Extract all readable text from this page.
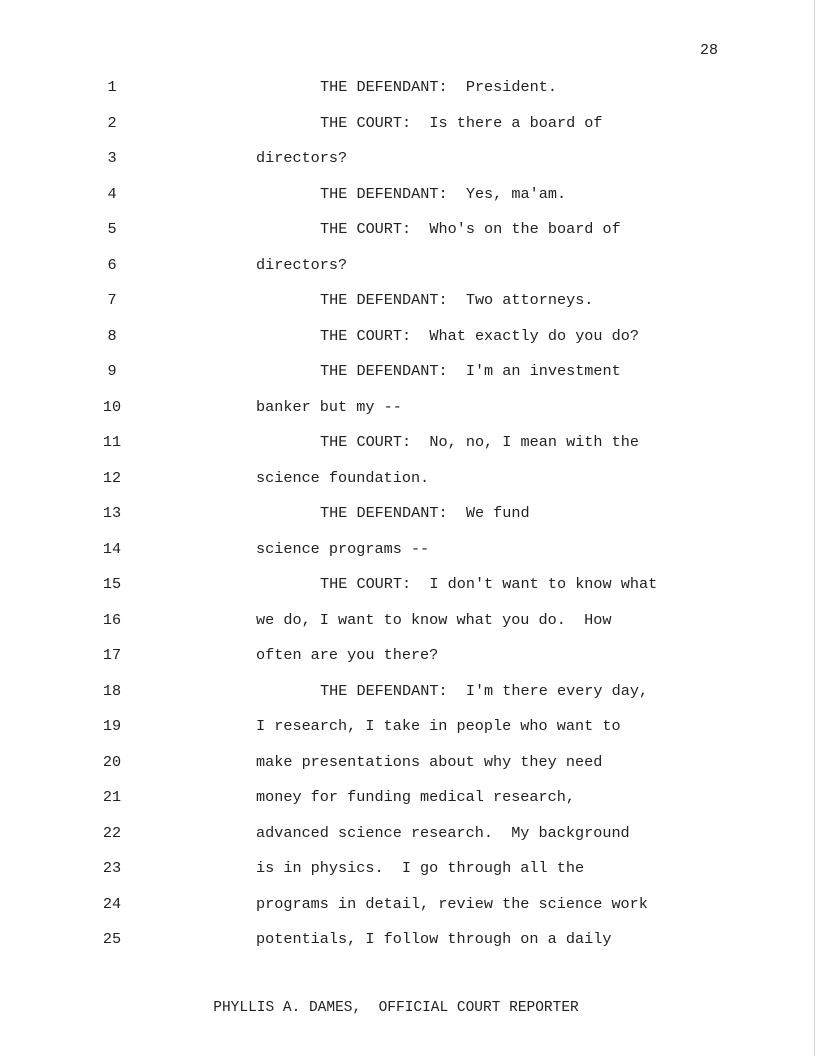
28
1	THE DEFENDANT:  President.
2	THE COURT:  Is there a board of
3	directors?
4	THE DEFENDANT:  Yes, ma'am.
5	THE COURT:  Who's on the board of
6	directors?
7	THE DEFENDANT:  Two attorneys.
8	THE COURT:  What exactly do you do?
9	THE DEFENDANT:  I'm an investment
10	banker but my --
11	THE COURT:  No, no, I mean with the
12	science foundation.
13	THE DEFENDANT:  We fund
14	science programs --
15	THE COURT:  I don't want to know what
16	we do, I want to know what you do.  How
17	often are you there?
18	THE DEFENDANT:  I'm there every day,
19	I research, I take in people who want to
20	make presentations about why they need
21	money for funding medical research,
22	advanced science research.  My background
23	is in physics.  I go through all the
24	programs in detail, review the science work
25	potentials, I follow through on a daily
PHYLLIS A. DAMES,  OFFICIAL COURT REPORTER
